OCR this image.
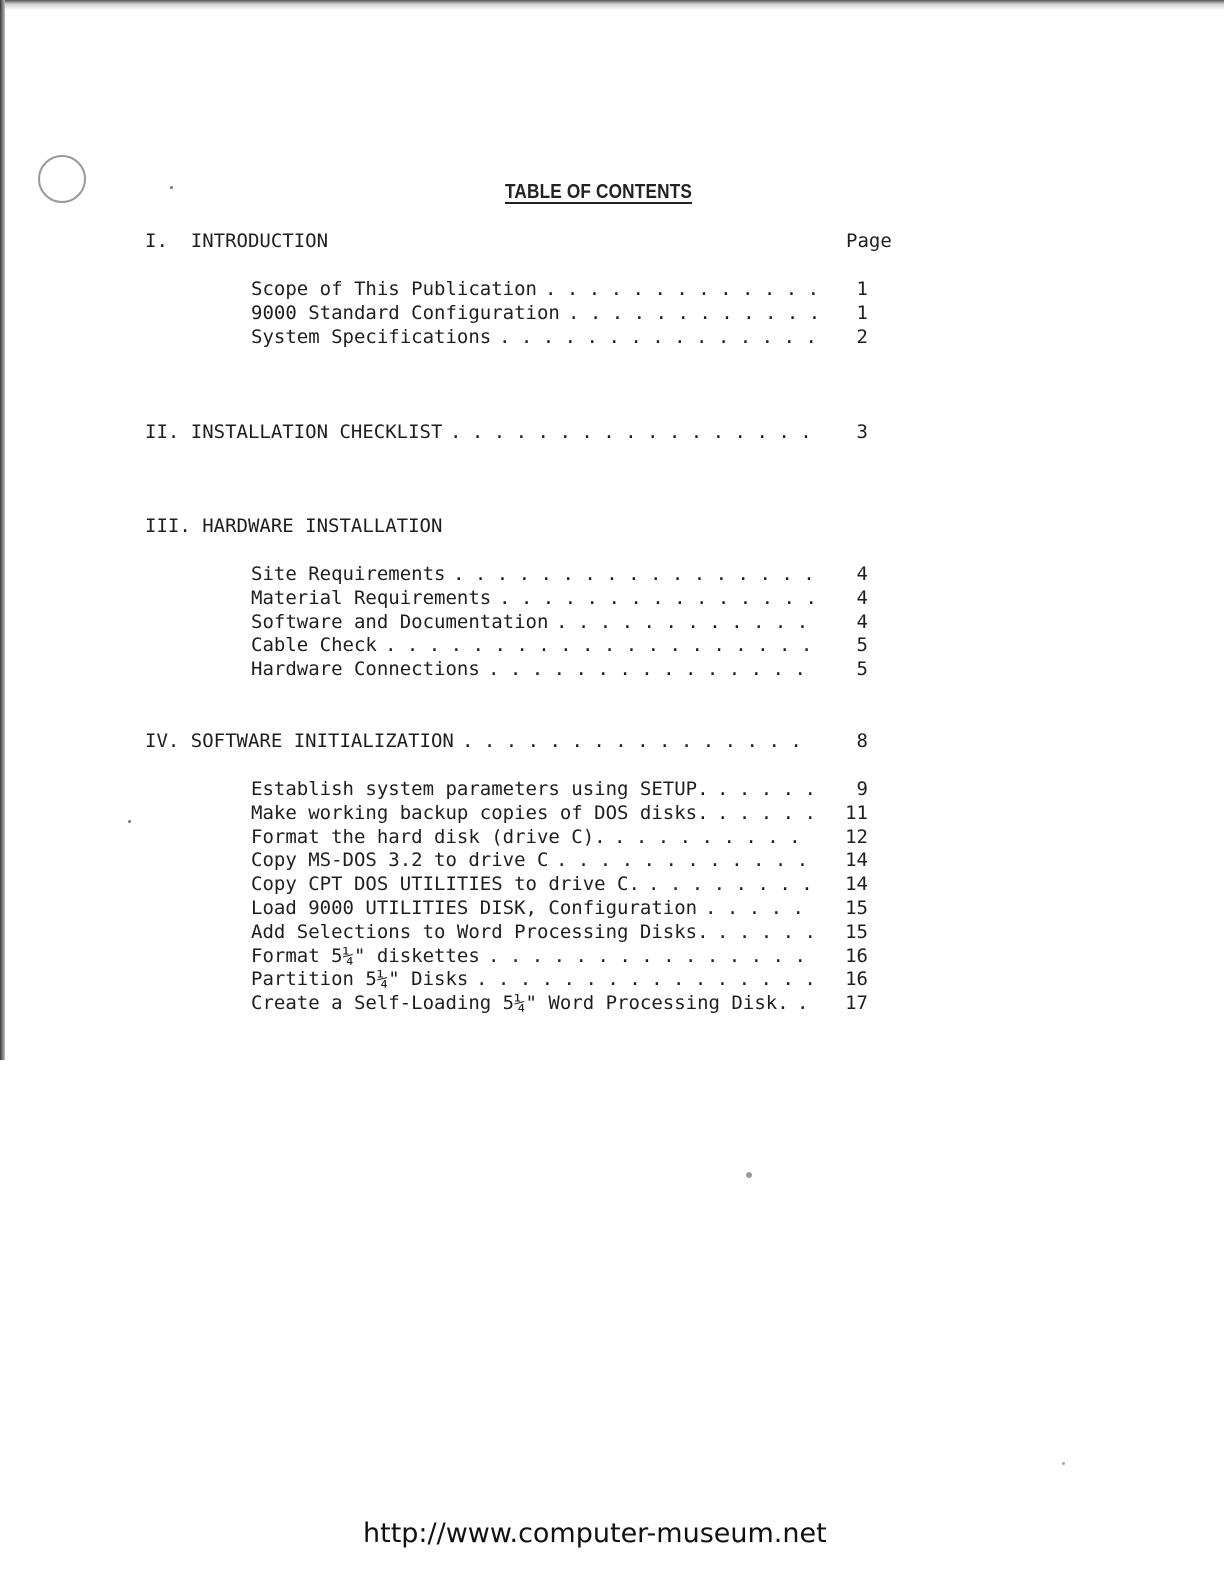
TABLE OF CONTENTS
Page
I.  INTRODUCTION
Scope of This Publication .............	1
9000 Standard Configuration ............	1
System Specifications ...............	2
II. INSTALLATION CHECKLIST .................	3
III. HARDWARE INSTALLATION
Site Requirements .................	4
Material Requirements ...............	4
Software and Documentation ............	4
Cable Check ....................	5
Hardware Connections ...............	5
IV. SOFTWARE INITIALIZATION ................	8
Establish system parameters using SETUP. .....	9
Make working backup copies of DOS disks. ..... 11
Format the hard disk (drive C). .........	12
Copy MS-DOS 3.2 to drive C ............	14
Copy CPT DOS UTILITIES to drive C. ........	14
Load 9000 UTILITIES DISK, Configuration .....	15
Add Selections to Word Processing Disks. ..... 15
Format 5¼" diskettes ...............	16
Partition 5¼" Disks ................ 16
Create a Self-Loading 5¼" Word Processing Disk. .	17
http://www.computer-museum.net
